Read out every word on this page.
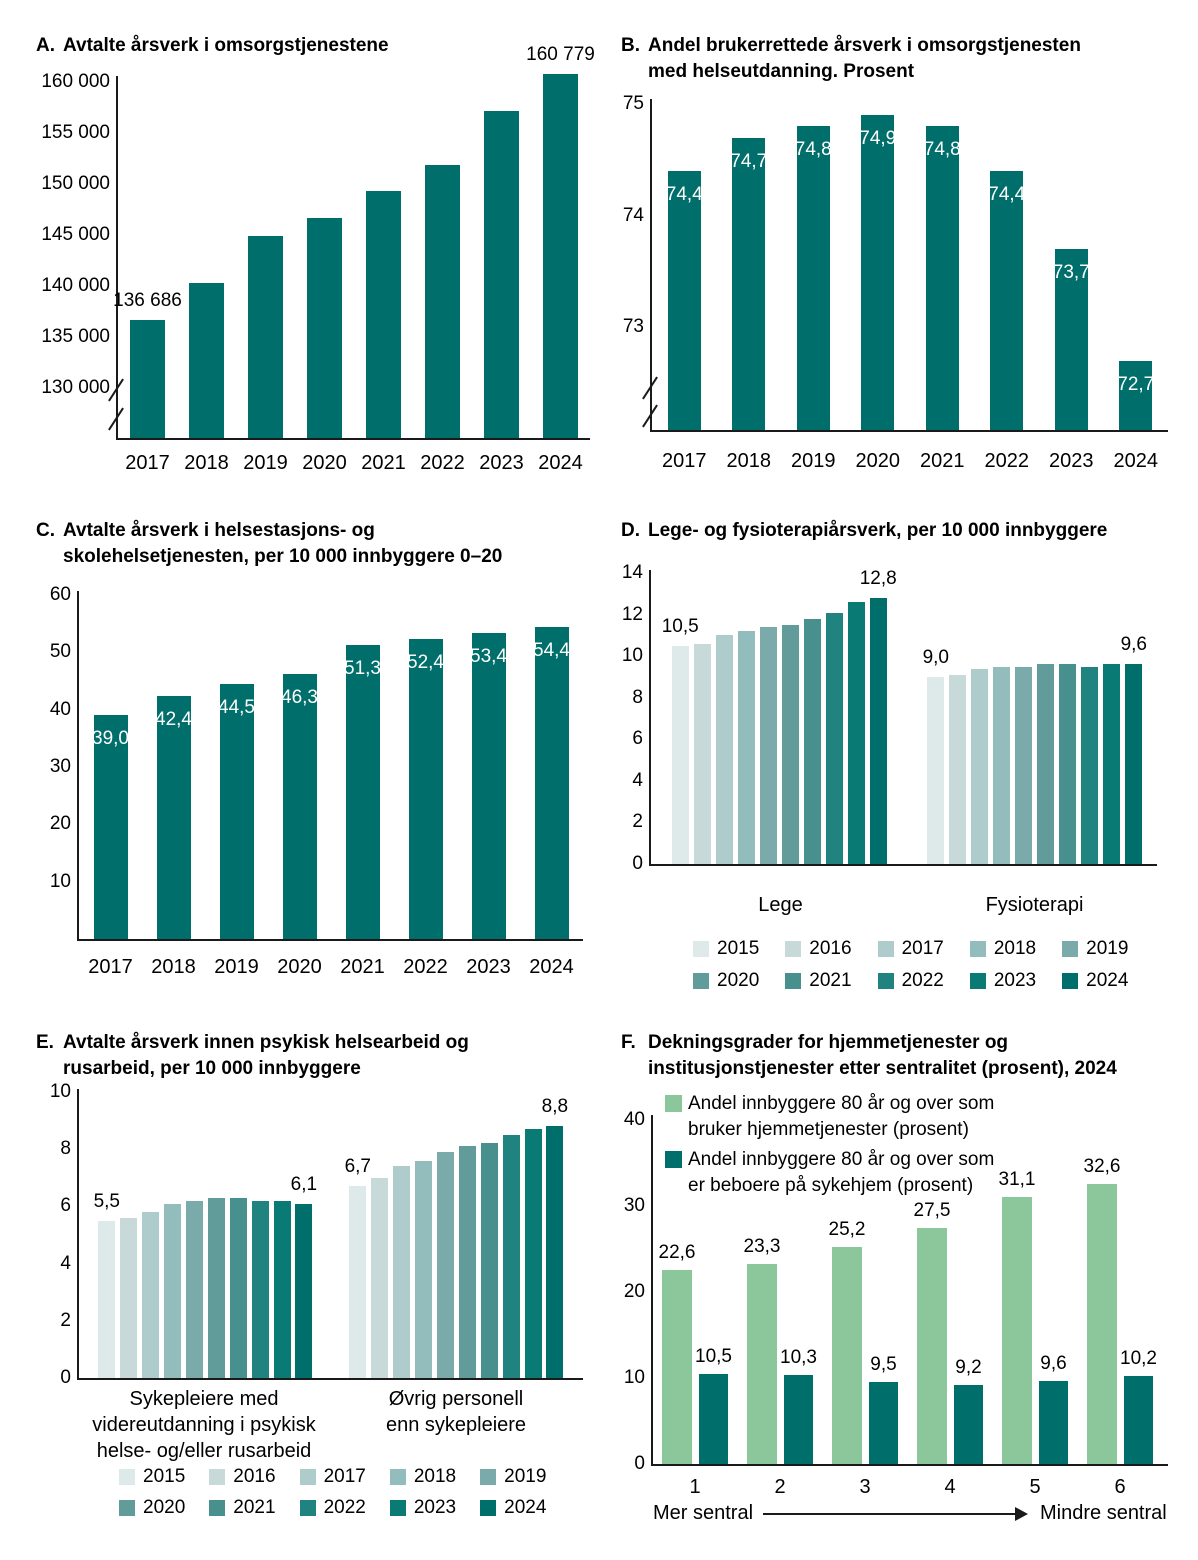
A. Avtalte årsverk i omsorgstjenestene
160 000
155 000
150 000
145 000
140 000
135 000
130 000
136 686
2017 2018 2019 2020 2021 2022 2023
160 779
2024
B. Andel brukerrettede årsverk i omsorgstjenesten
med helseutdanning. Prosent
75
74
73
74,4
2017
74,7
2018
74,8
2019
74,9
2020
74,8
2021
74,4
2022
73,7
2023
72,7
2024
C. Avtalte årsverk i helsestasjons- og
skolehelsetjenesten, per 10 000 innbyggere 0–20
60
50
40
30
20
10
39,0
2017
42,4
2018
44,5
2019
46,3
2020
51,3
2021
52,4
2022
53,4
2023
54,4
2024
D. Lege- og fysioterapiårsverk, per 10 000 innbyggere
14
12
10
8
6
4
2
0
10,5
12,8
Lege
9,0
9,6
Fysioterapi
2015	2016	2017	2018	2019
2020	2021	2022	2023	2024
E. Avtalte årsverk innen psykisk helsearbeid og
rusarbeid, per 10 000 innbyggere
10
8
6
4
2
0
5,5
6,1
Sykepleiere med
videreutdanning i psykisk
helse- og/eller rusarbeid
6,7
8,8
Øvrig personell
enn sykepleiere
2015	2016	2017	2018	2019
2020	2021	2022	2023	2024
F. Dekningsgrader for hjemmetjenester og
institusjonstjenester etter sentralitet (prosent), 2024
40
30
20
10
0
22,6
10,5
1
23,3
10,3
2
25,2
9,5
3
27,5
9,2
4
31,1
9,6
5
32,6
10,2
6
Andel innbyggere 80 år og over som
bruker hjemmetjenester (prosent)
Andel innbyggere 80 år og over som
er beboere på sykehjem (prosent)
Mer sentral	Mindre sentral
